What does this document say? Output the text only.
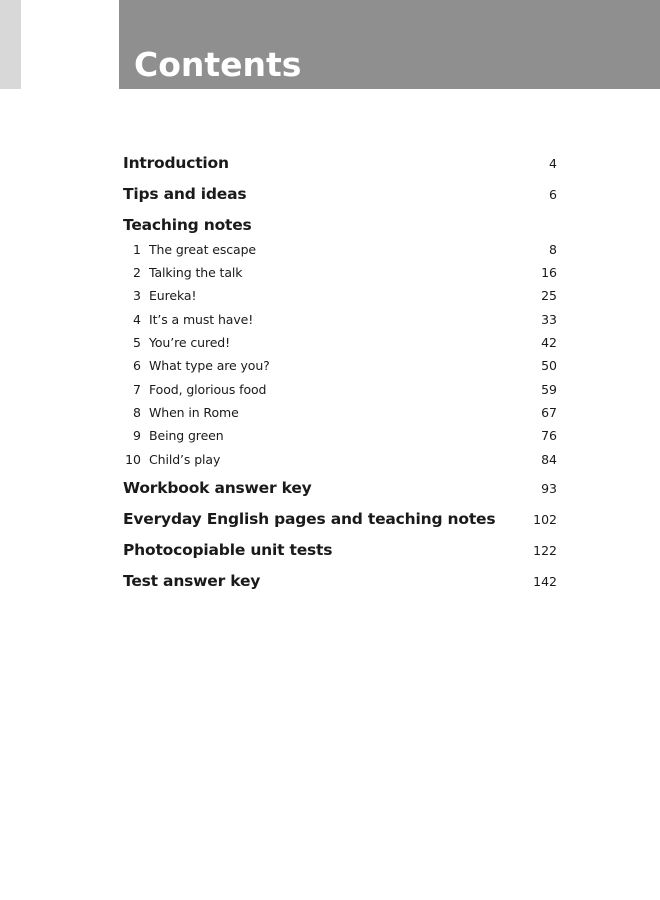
Contents
Introduction	4
Tips and ideas	6
Teaching notes
1 The great escape	8
2 Talking the talk	16
3 Eureka!	25
4 It’s a must have!	33
5 You’re cured!	42
6 What type are you?	50
7 Food, glorious food	59
8 When in Rome	67
9 Being green	76
10 Child’s play	84
Workbook answer key	93
Everyday English pages and teaching notes	102
Photocopiable unit tests	122
Test answer key	142
